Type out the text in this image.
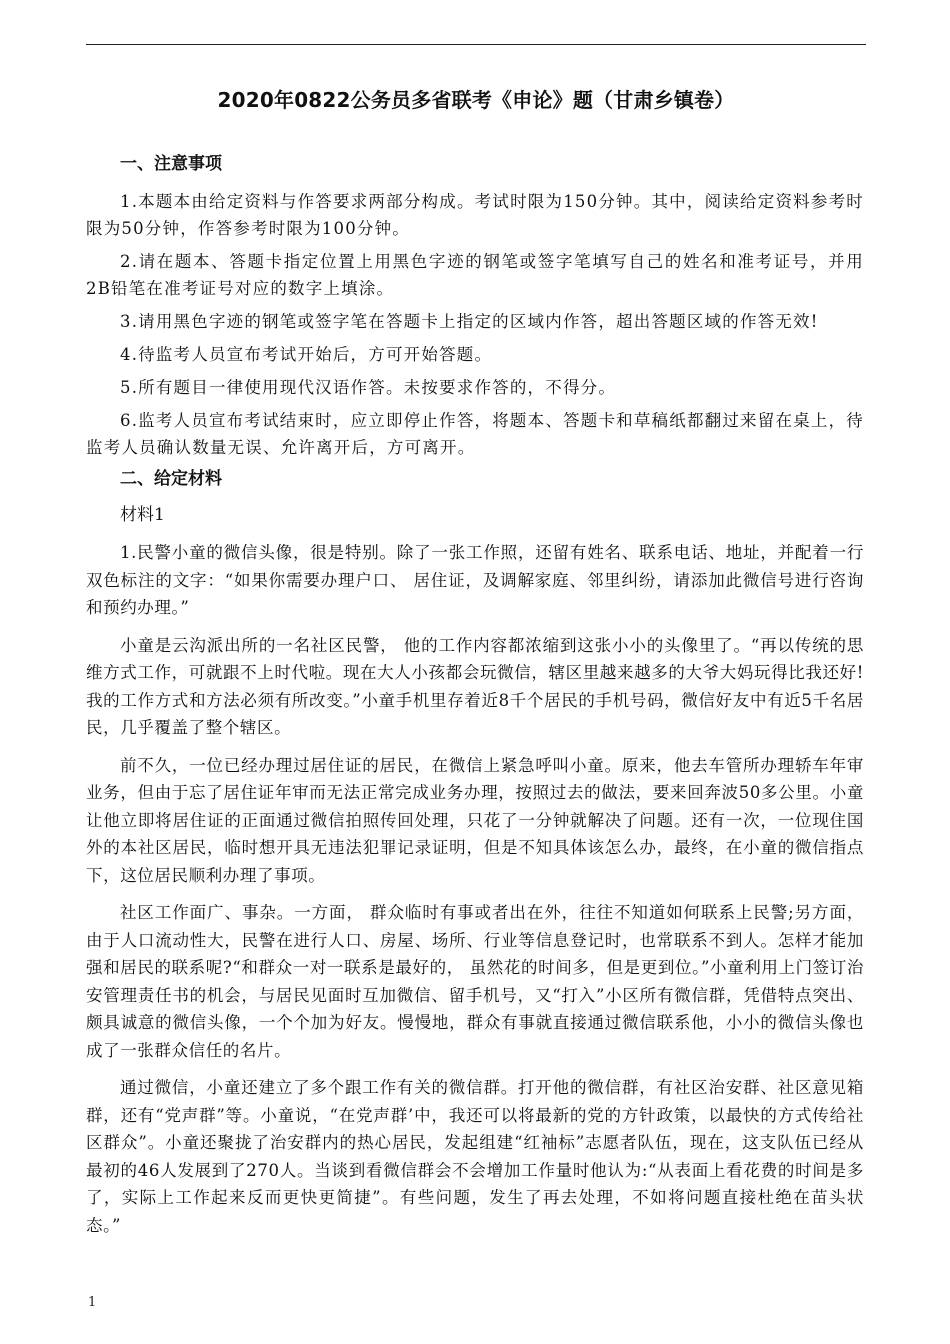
2020年0822公务员多省联考《申论》题（甘肃乡镇卷）
一、注意事项

1.本题本由给定资料与作答要求两部分构成。考试时限为150分钟。其中，阅读给定资料参考时限为50分钟，作答参考时限为100分钟。

2.请在题本、答题卡指定位置上用黑色字迹的钢笔或签字笔填写自己的姓名和准考证号，并用2B铅笔在准考证号对应的数字上填涂。

3.请用黑色字迹的钢笔或签字笔在答题卡上指定的区域内作答，超出答题区域的作答无效!

4.待监考人员宣布考试开始后，方可开始答题。

5.所有题目一律使用现代汉语作答。未按要求作答的，不得分。

6.监考人员宣布考试结束时，应立即停止作答，将题本、答题卡和草稿纸都翻过来留在桌上，待监考人员确认数量无误、允许离开后，方可离开。

二、给定材料
材料1

1.民警小童的微信头像，很是特别。除了一张工作照，还留有姓名、联系电话、地址，并配着一行双色标注的文字：“如果你需要办理户口、 居住证，及调解家庭、邻里纠纷，请添加此微信号进行咨询和预约办理。”

小童是云沟派出所的一名社区民警， 他的工作内容都浓缩到这张小小的头像里了。“再以传统的思维方式工作，可就跟不上时代啦。现在大人小孩都会玩微信，辖区里越来越多的大爷大妈玩得比我还好!我的工作方式和方法必须有所改变。”小童手机里存着近8千个居民的手机号码，微信好友中有近5千名居民，几乎覆盖了整个辖区。

前不久，一位已经办理过居住证的居民，在微信上紧急呼叫小童。原来，他去车管所办理轿车年审业务，但由于忘了居住证年审而无法正常完成业务办理，按照过去的做法，要来回奔波50多公里。小童让他立即将居住证的正面通过微信拍照传回处理，只花了一分钟就解决了问题。还有一次，一位现住国外的本社区居民，临时想开具无违法犯罪记录证明，但是不知具体该怎么办，最终，在小童的微信指点下，这位居民顺利办理了事项。

社区工作面广、事杂。一方面， 群众临时有事或者出在外，往往不知道如何联系上民警;另方面，由于人口流动性大，民警在进行人口、房屋、场所、行业等信息登记时，也常联系不到人。怎样才能加强和居民的联系呢?“和群众一对一联系是最好的， 虽然花的时间多，但是更到位。”小童利用上门签订治安管理责任书的机会，与居民见面时互加微信、留手机号，又“打入”小区所有微信群，凭借特点突出、颇具诚意的微信头像，一个个加为好友。慢慢地，群众有事就直接通过微信联系他，小小的微信头像也成了一张群众信任的名片。

通过微信，小童还建立了多个跟工作有关的微信群。打开他的微信群，有社区治安群、社区意见箱群，还有“党声群”等。小童说，“在党声群’中，我还可以将最新的党的方针政策，以最快的方式传给社区群众”。小童还聚拢了治安群内的热心居民，发起组建“红袖标”志愿者队伍，现在，这支队伍已经从最初的46人发展到了270人。当谈到看微信群会不会增加工作量时他认为:“从表面上看花费的时间是多了，实际上工作起来反而更快更简捷”。有些问题，发生了再去处理，不如将问题直接杜绝在苗头状态。”

1
